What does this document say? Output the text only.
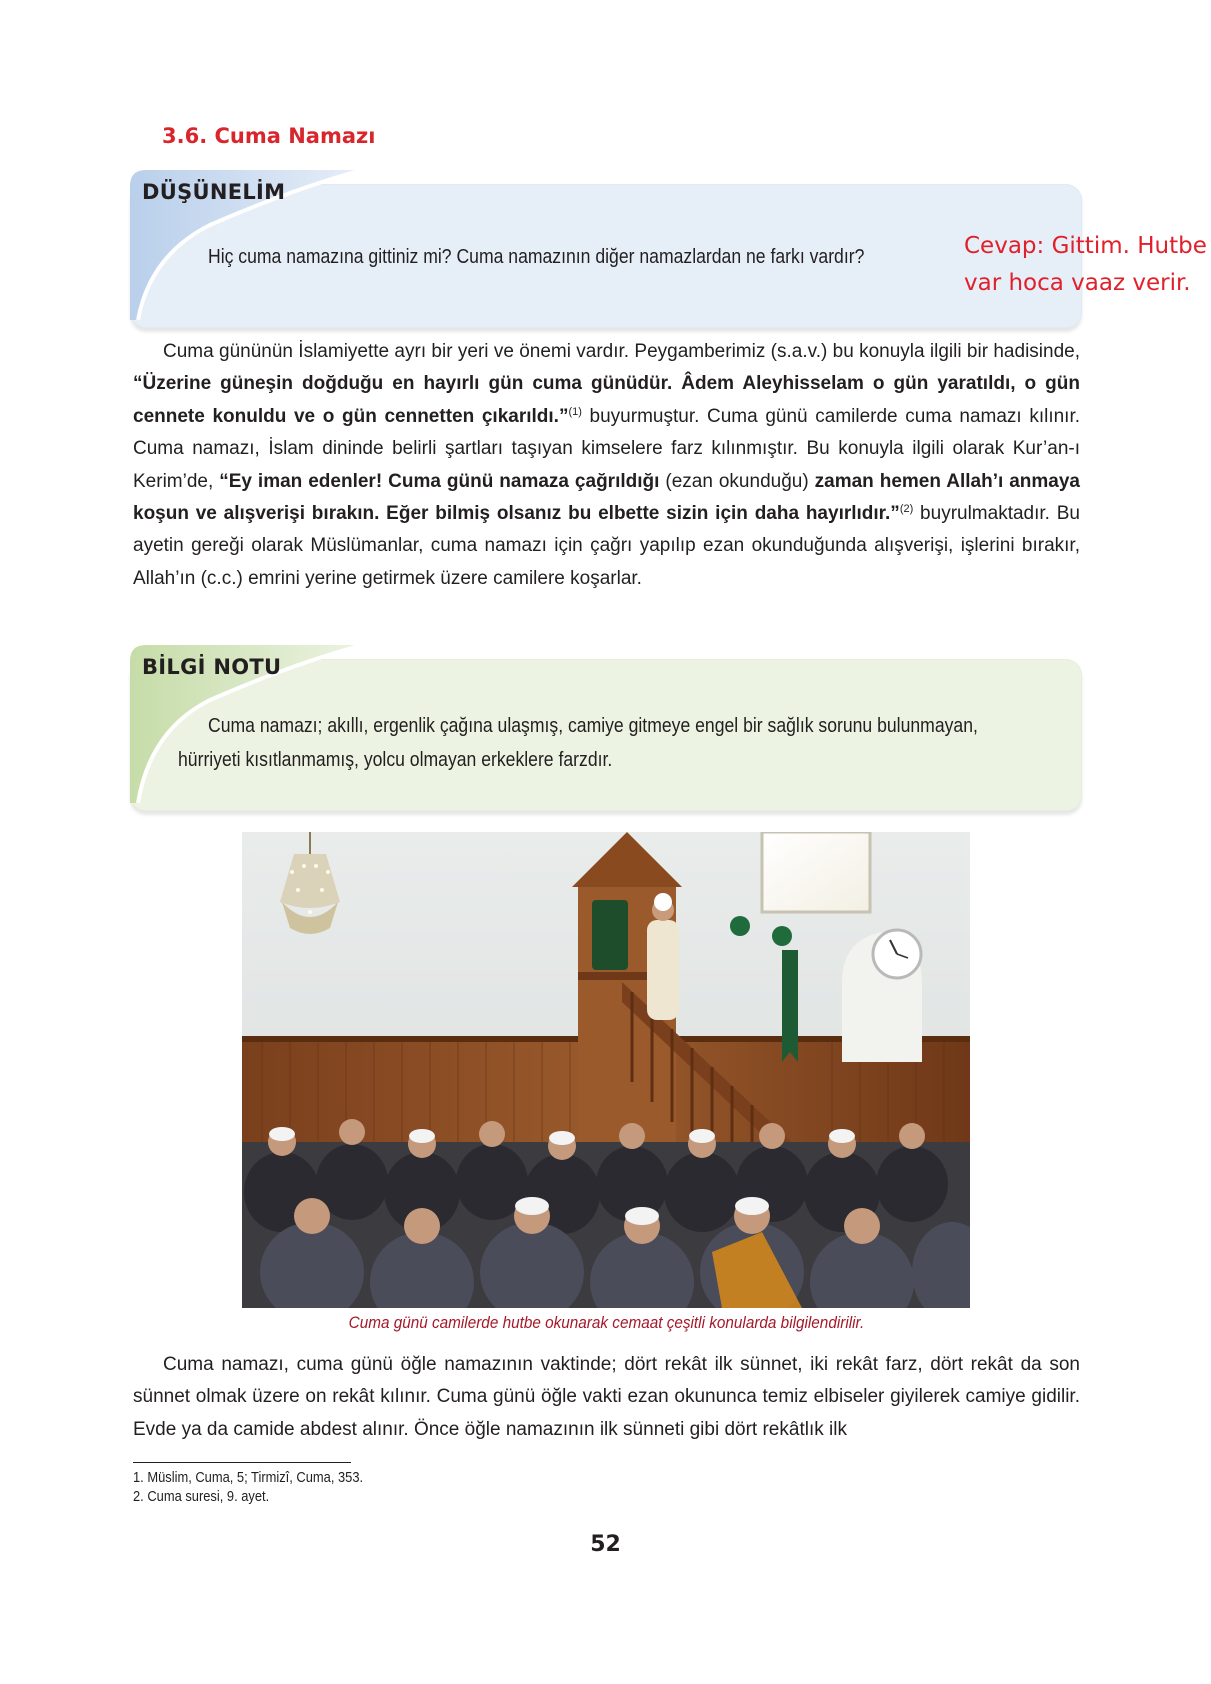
3.6. Cuma Namazı
DÜŞÜNELİM

Hiç cuma namazına gittiniz mi? Cuma namazının diğer namazlardan ne farkı vardır?	Cevap: Gittim. Hutbe
var hoca vaaz verir.

Cuma gününün İslamiyette ayrı bir yeri ve önemi vardır. Peygamberimiz (s.a.v.) bu konuyla ilgili bir hadisinde, “Üzerine güneşin doğduğu en hayırlı gün cuma günüdür. Âdem Aleyhisselam o gün yaratıldı, o gün cennete konuldu ve o gün cennetten çıkarıldı.”$^{(1)}$ buyurmuştur. Cuma günü camilerde cuma namazı kılınır. Cuma namazı, İslam dininde belirli şartları taşıyan kimselere farz kılınmıştır. Bu konuyla ilgili olarak Kur’an-ı Kerim’de, “Ey iman edenler! Cuma günü namaza çağrıldığı (ezan okunduğu) zaman hemen Allah’ı anmaya koşun ve alışverişi bırakın. Eğer bilmiş olsanız bu elbette sizin için daha hayırlıdır.”$^{(2)}$ buyrulmaktadır. Bu ayetin gereği olarak Müslümanlar, cuma namazı için çağrı yapılıp ezan okunduğunda alışverişi, işlerini bırakır, Allah’ın (c.c.) emrini yerine getirmek üzere camilere koşarlar.

BİLGİ NOTU

Cuma namazı; akıllı, ergenlik çağına ulaşmış, camiye gitmeye engel bir sağlık sorunu bulunmayan,

hürriyeti kısıtlanmamış, yolcu olmayan erkeklere farzdır.

Cuma günü camilerde hutbe okunarak cemaat çeşitli konularda bilgilendirilir.

Cuma namazı, cuma günü öğle namazının vaktinde; dört rekât ilk sünnet, iki rekât farz, dört rekât da son sünnet olmak üzere on rekât kılınır. Cuma günü öğle vakti ezan okununca temiz elbiseler giyilerek camiye gidilir. Evde ya da camide abdest alınır. Önce öğle namazının ilk sünneti gibi dört rekâtlık ilk

1. Müslim, Cuma, 5; Tirmizî, Cuma, 353.
2. Cuma suresi, 9. ayet.

52
